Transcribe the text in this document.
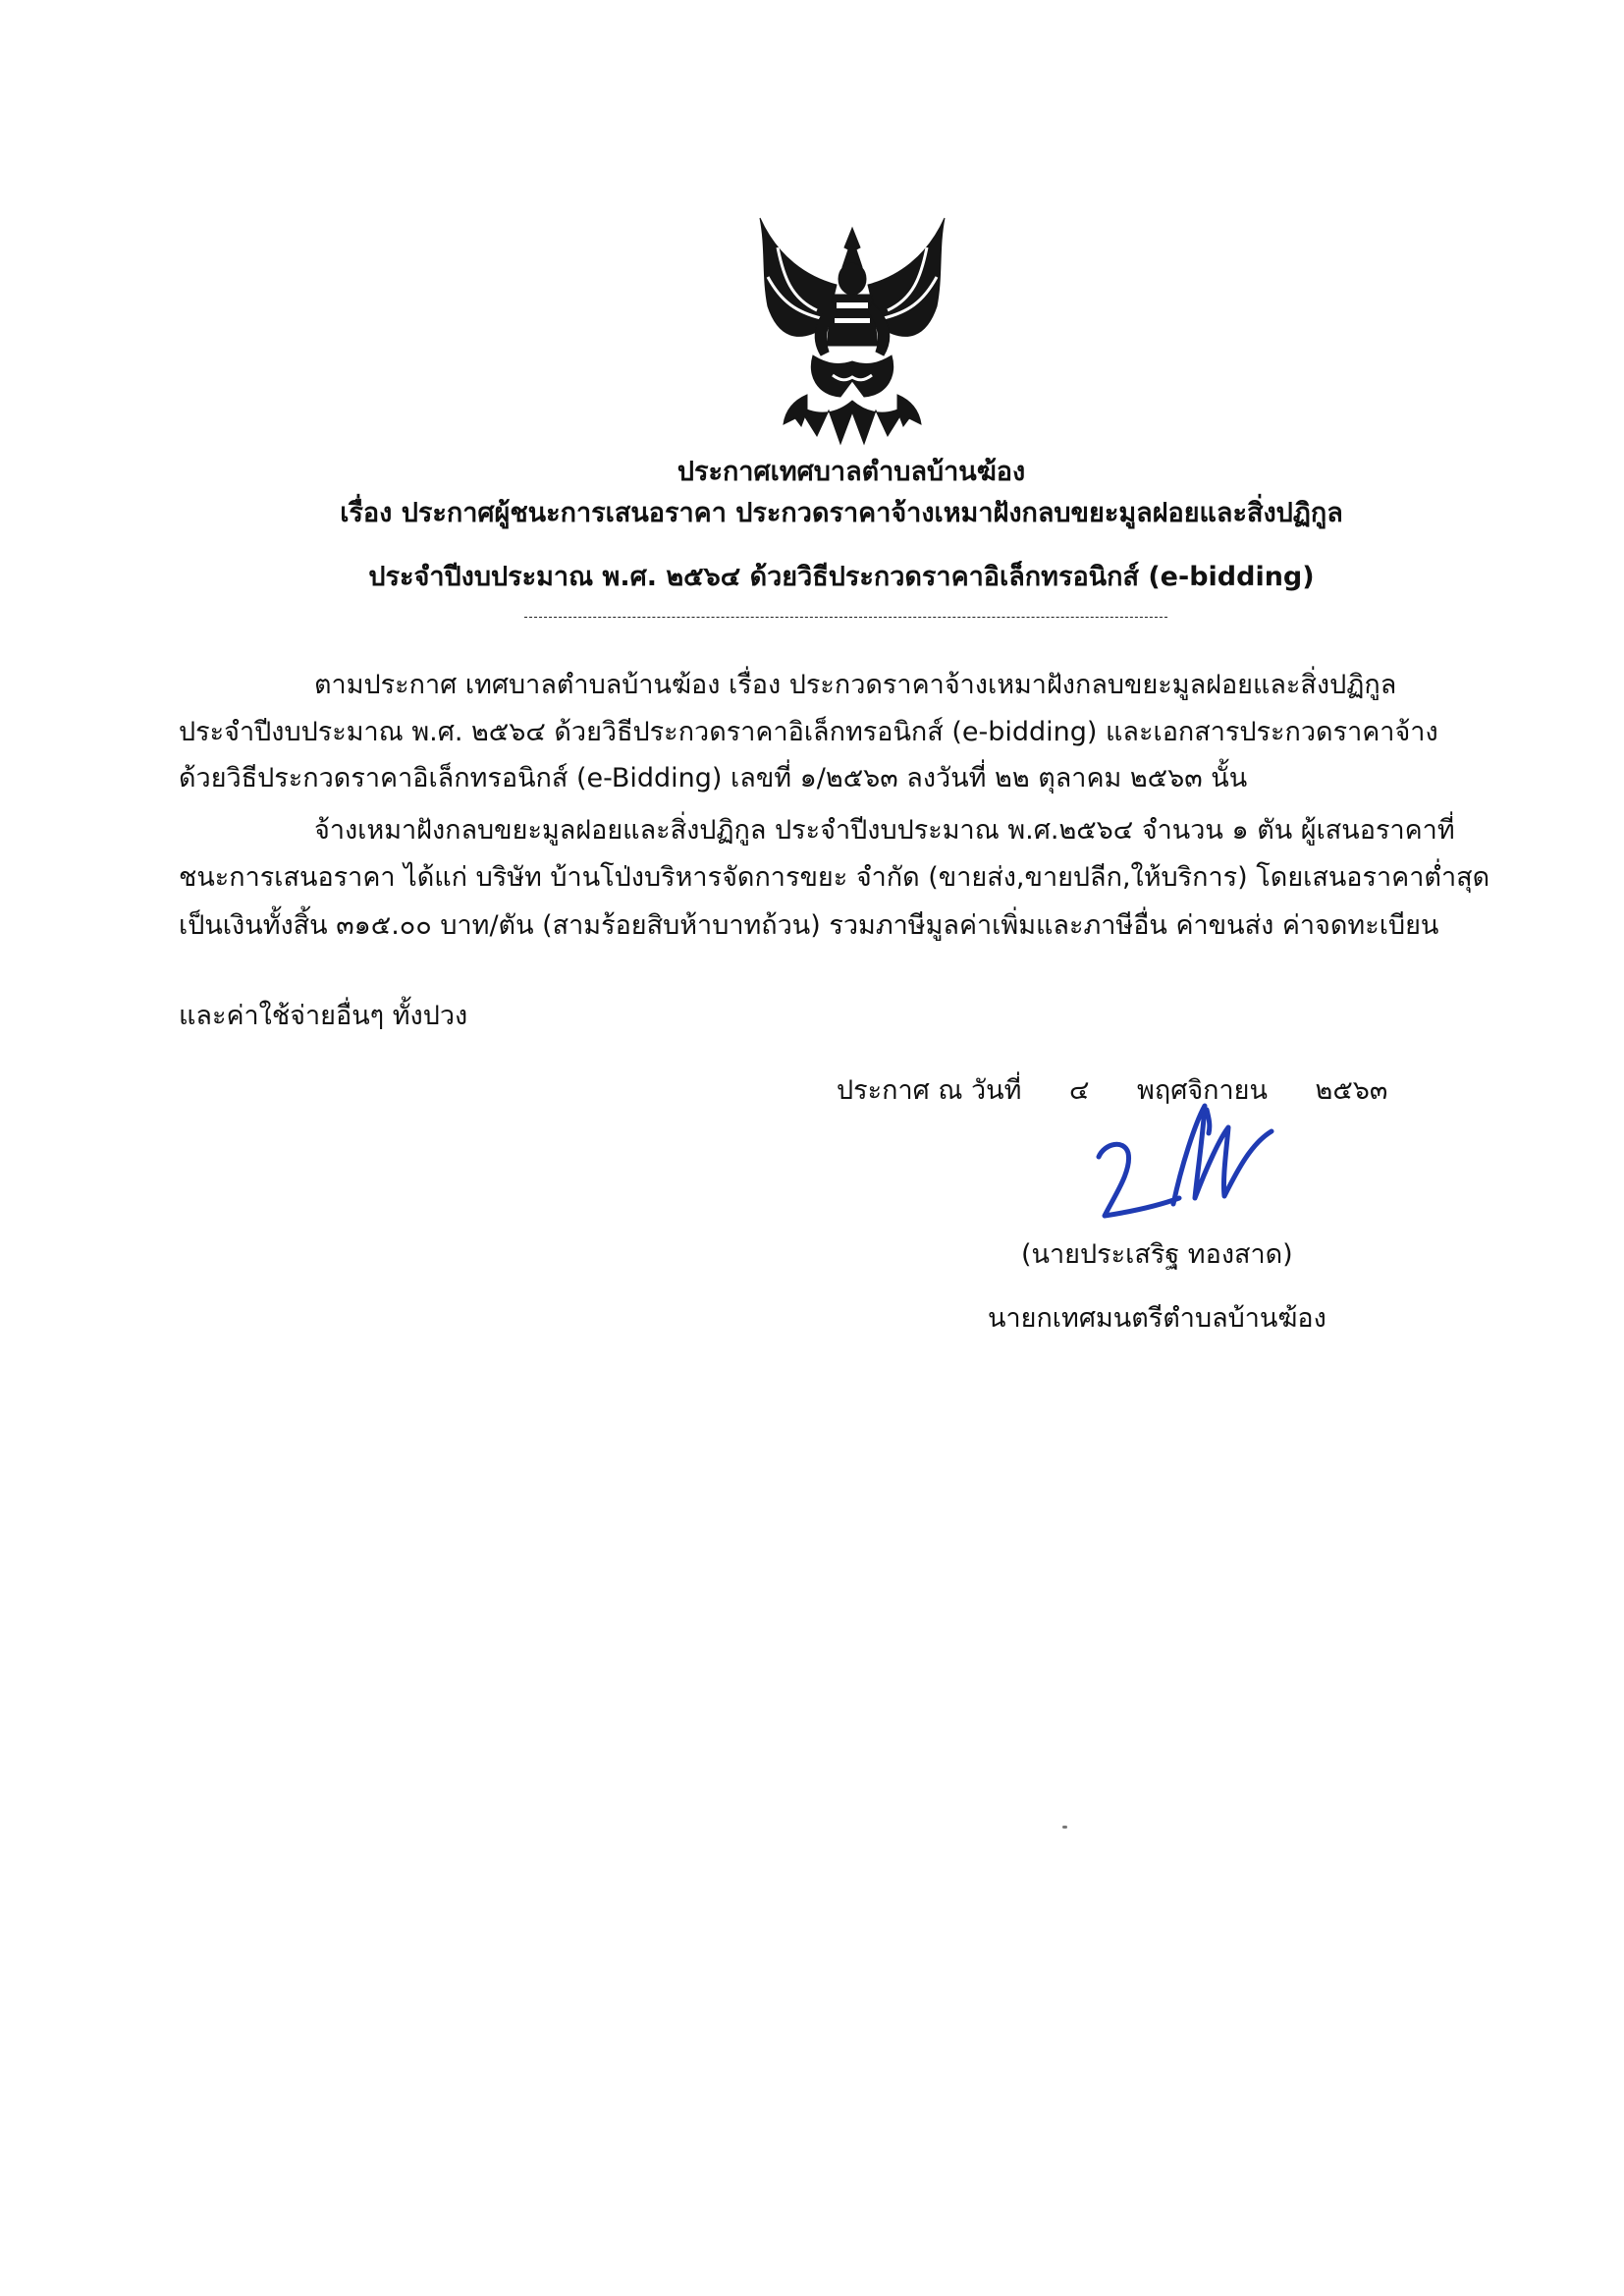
ประกาศเทศบาลตำบลบ้านฆ้อง
เรื่อง ประกาศผู้ชนะการเสนอราคา ประกวดราคาจ้างเหมาฝังกลบขยะมูลฝอยและสิ่งปฏิกูล
ประจำปีงบประมาณ พ.ศ. ๒๕๖๔ ด้วยวิธีประกวดราคาอิเล็กทรอนิกส์ (e-bidding)
ตามประกาศ เทศบาลตำบลบ้านฆ้อง เรื่อง ประกวดราคาจ้างเหมาฝังกลบขยะมูลฝอยและสิ่งปฏิกูล
ประจำปีงบประมาณ พ.ศ. ๒๕๖๔ ด้วยวิธีประกวดราคาอิเล็กทรอนิกส์ (e-bidding) และเอกสารประกวดราคาจ้าง
ด้วยวิธีประกวดราคาอิเล็กทรอนิกส์ (e-Bidding) เลขที่ ๑/๒๕๖๓ ลงวันที่ ๒๒ ตุลาคม ๒๕๖๓ นั้น
จ้างเหมาฝังกลบขยะมูลฝอยและสิ่งปฏิกูล ประจำปีงบประมาณ พ.ศ.๒๕๖๔ จำนวน ๑ ตัน ผู้เสนอราคาที่
ชนะการเสนอราคา ได้แก่ บริษัท บ้านโป่งบริหารจัดการขยะ จำกัด (ขายส่ง,ขายปลีก,ให้บริการ) โดยเสนอราคาต่ำสุด
เป็นเงินทั้งสิ้น ๓๑๕.๐๐ บาท/ตัน (สามร้อยสิบห้าบาทถ้วน) รวมภาษีมูลค่าเพิ่มและภาษีอื่น ค่าขนส่ง ค่าจดทะเบียน
และค่าใช้จ่ายอื่นๆ ทั้งปวง
ประกาศ ณ วันที่ ๔ พฤศจิกายน ๒๕๖๓
(นายประเสริฐ ทองสาด)
นายกเทศมนตรีตำบลบ้านฆ้อง
